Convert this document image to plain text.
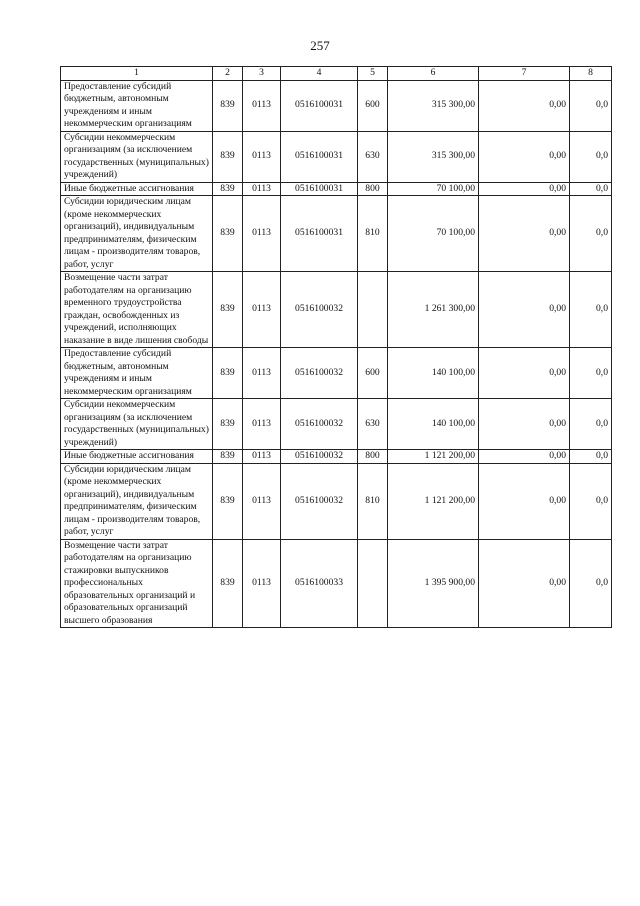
257
1	2	3	4	5	6	7	8
Предоставление субсидий бюджетным, автономным учреждениям и иным некоммерческим организациям	839	0113	0516100031	600	315 300,00	0,00	0,0
Субсидии некоммерческим организациям (за исключением государственных (муниципальных) учреждений)	839	0113	0516100031	630	315 300,00	0,00	0,0
Иные бюджетные ассигнования	839	0113	0516100031	800	70 100,00	0,00	0,0
Субсидии юридическим лицам (кроме некоммерческих организаций), индивидуальным предпринимателям, физическим лицам - производителям товаров, работ, услуг	839	0113	0516100031	810	70 100,00	0,00	0,0
Возмещение части затрат работодателям на организацию временного трудоустройства граждан, освобожденных из учреждений, исполняющих наказание в виде лишения свободы	839	0113	0516100032		1 261 300,00	0,00	0,0
Предоставление субсидий бюджетным, автономным учреждениям и иным некоммерческим организациям	839	0113	0516100032	600	140 100,00	0,00	0,0
Субсидии некоммерческим организациям (за исключением государственных (муниципальных) учреждений)	839	0113	0516100032	630	140 100,00	0,00	0,0
Иные бюджетные ассигнования	839	0113	0516100032	800	1 121 200,00	0,00	0,0
Субсидии юридическим лицам (кроме некоммерческих организаций), индивидуальным предпринимателям, физическим лицам - производителям товаров, работ, услуг	839	0113	0516100032	810	1 121 200,00	0,00	0,0
Возмещение части затрат работодателям на организацию стажировки выпускников профессиональных образовательных организаций и образовательных организаций высшего образования	839	0113	0516100033		1 395 900,00	0,00	0,0
